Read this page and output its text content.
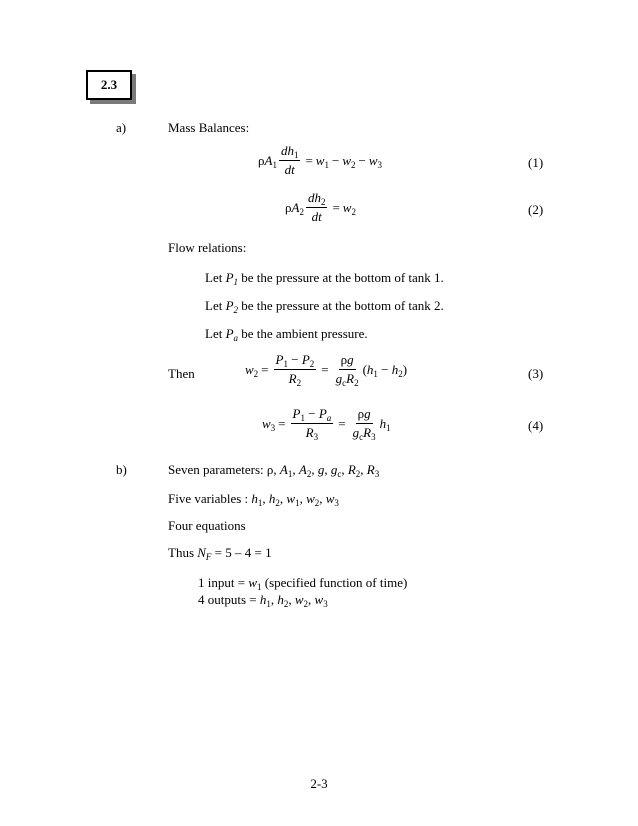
2.3
a)	Mass Balances:
$\rho A_1 \frac{dh_1}{dt} = w_1 - w_2 - w_3$	(1)
$\rho A_2 \frac{dh_2}{dt} = w_2$	(2)
Flow relations:
Let $P_1$ be the pressure at the bottom of tank 1.
Let $P_2$ be the pressure at the bottom of tank 2.
Let $P_a$ be the ambient pressure.
Then	$w_2 = \frac{P_1 - P_2}{R_2} = \frac{\rho g}{g_cR_2} (h_1 - h_2)$	(3)
$w_3 = \frac{P_1 - P_a}{R_3} = \frac{\rho g}{g_cR_3} h_1$	(4)
b)	Seven parameters: ρ, $A_1$, $A_2$, g, $g_c$, $R_2$, $R_3$
Five variables : $h_1$, $h_2$, $w_1$, $w_2$, $w_3$
Four equations
Thus $N_F = 5 - 4 = 1$
1 input = $w_1$ (specified function of time)
4 outputs = $h_1$, $h_2$, $w_2$, $w_3$
2-3
